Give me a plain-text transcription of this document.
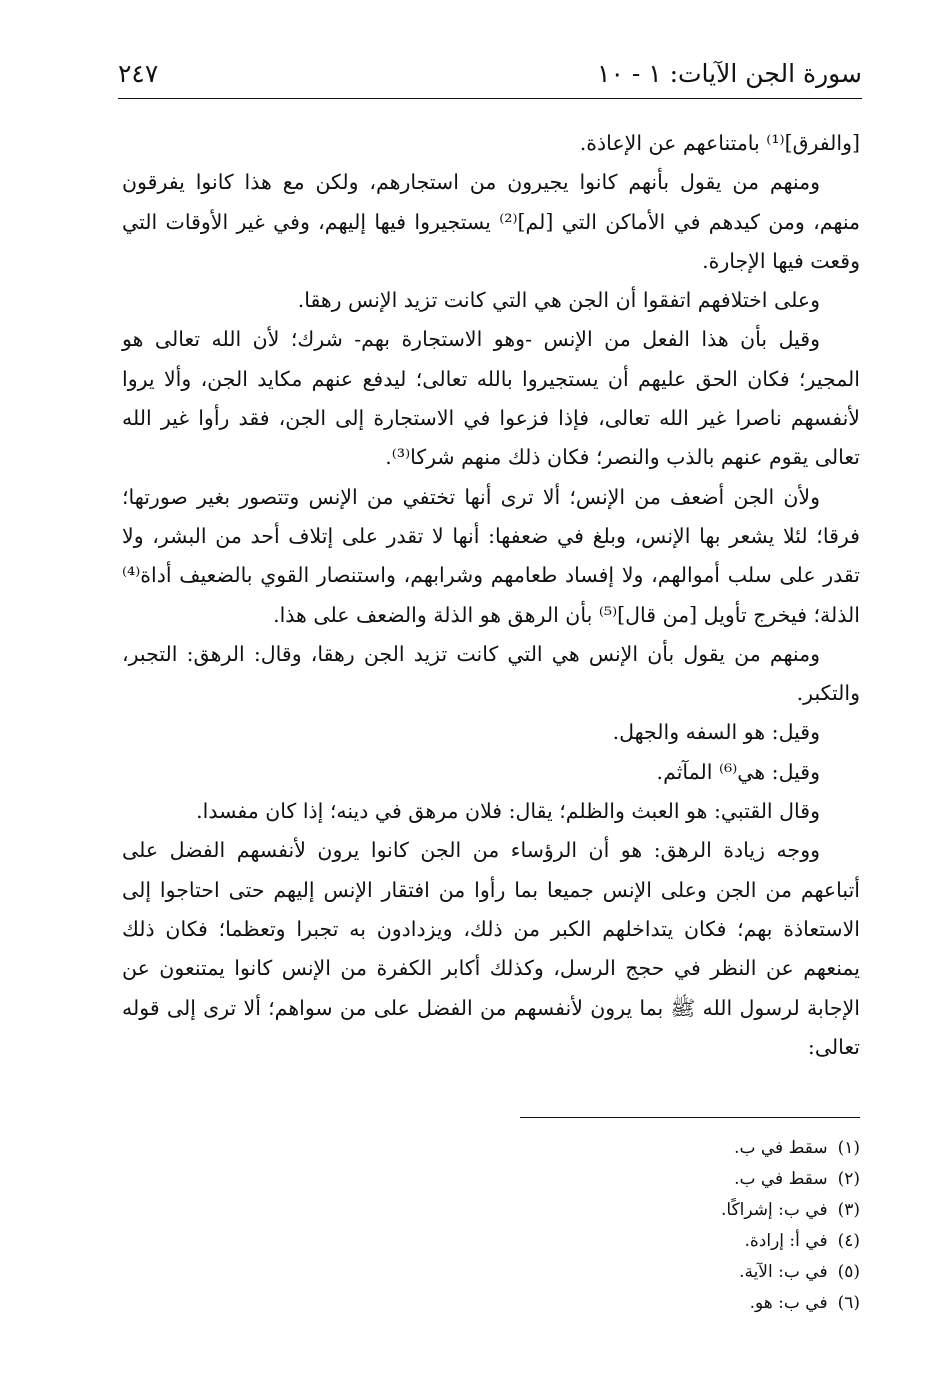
سورة الجن الآيات: ١ - ١٠
٢٤٧

[والفرق]⁽¹⁾ بامتناعهم عن الإعاذة.

ومنهم من يقول بأنهم كانوا يجيرون من استجارهم، ولكن مع هذا كانوا يفرقون منهم، ومن كيدهم في الأماكن التي [لم]⁽²⁾ يستجيروا فيها إليهم، وفي غير الأوقات التي وقعت فيها الإجارة.

وعلى اختلافهم اتفقوا أن الجن هي التي كانت تزيد الإنس رهقا.

وقيل بأن هذا الفعل من الإنس -وهو الاستجارة بهم- شرك؛ لأن الله تعالى هو المجير؛ فكان الحق عليهم أن يستجيروا بالله تعالى؛ ليدفع عنهم مكايد الجن، وألا يروا لأنفسهم ناصرا غير الله تعالى، فإذا فزعوا في الاستجارة إلى الجن، فقد رأوا غير الله تعالى يقوم عنهم بالذب والنصر؛ فكان ذلك منهم شركا⁽³⁾.

ولأن الجن أضعف من الإنس؛ ألا ترى أنها تختفي من الإنس وتتصور بغير صورتها؛ فرقا؛ لئلا يشعر بها الإنس، وبلغ في ضعفها: أنها لا تقدر على إتلاف أحد من البشر، ولا تقدر على سلب أموالهم، ولا إفساد طعامهم وشرابهم، واستنصار القوي بالضعيف أداة⁽⁴⁾ الذلة؛ فيخرج تأويل [من قال]⁽⁵⁾ بأن الرهق هو الذلة والضعف على هذا.

ومنهم من يقول بأن الإنس هي التي كانت تزيد الجن رهقا، وقال: الرهق: التجبر، والتكبر.

وقيل: هو السفه والجهل.

وقيل: هي⁽⁶⁾ المآثم.

وقال القتبي: هو العبث والظلم؛ يقال: فلان مرهق في دينه؛ إذا كان مفسدا.

ووجه زيادة الرهق: هو أن الرؤساء من الجن كانوا يرون لأنفسهم الفضل على أتباعهم من الجن وعلى الإنس جميعا بما رأوا من افتقار الإنس إليهم حتى احتاجوا إلى الاستعاذة بهم؛ فكان يتداخلهم الكبر من ذلك، ويزدادون به تجبرا وتعظما؛ فكان ذلك يمنعهم عن النظر في حجج الرسل، وكذلك أكابر الكفرة من الإنس كانوا يمتنعون عن الإجابة لرسول الله ﷺ بما يرون لأنفسهم من الفضل على من سواهم؛ ألا ترى إلى قوله تعالى:

(١)سقط في ب.

(٢)سقط في ب.

(٣)في ب: إشراكًا.

(٤)في أ: إرادة.

(٥)في ب: الآية.

(٦)في ب: هو.
